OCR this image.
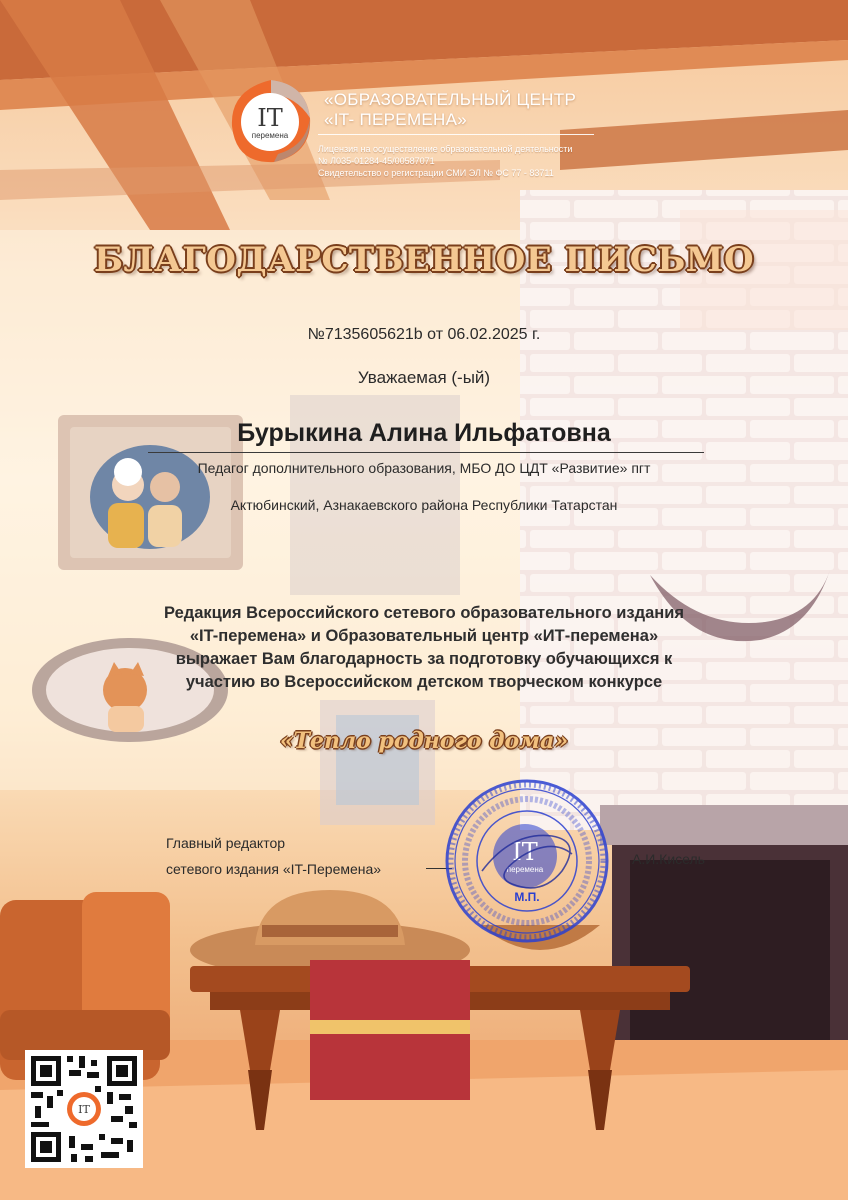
IT
перемена
«ОБРАЗОВАТЕЛЬНЫЙ ЦЕНТР
«IT- ПЕРЕМЕНА»
Лицензия на осуществление образовательной деятельности
№ Л035-01284-45/00587071
Свидетельство о регистрации СМИ ЭЛ № ФС 77 - 83711
БЛАГОДАРСТВЕННОЕ ПИСЬМО
№7135605621b от 06.02.2025 г.
Уважаемая (-ый)
Бурыкина Алина Ильфатовна
Педагог дополнительного образования, МБО ДО ЦДТ «Развитие» пгт
Актюбинский, Азнакаевского района Республики Татарстан
Редакция Всероссийского сетевого образовательного издания
«IT-перемена» и Образовательный центр «ИТ-перемена»
выражает Вам благодарность за подготовку обучающихся к
участию во Всероссийском детском творческом конкурсе
«Тепло родного дома»
Главный редактор
сетевого издания «IT-Перемена»
А.И.Кисель
IT
перемена
М.П.
IT
